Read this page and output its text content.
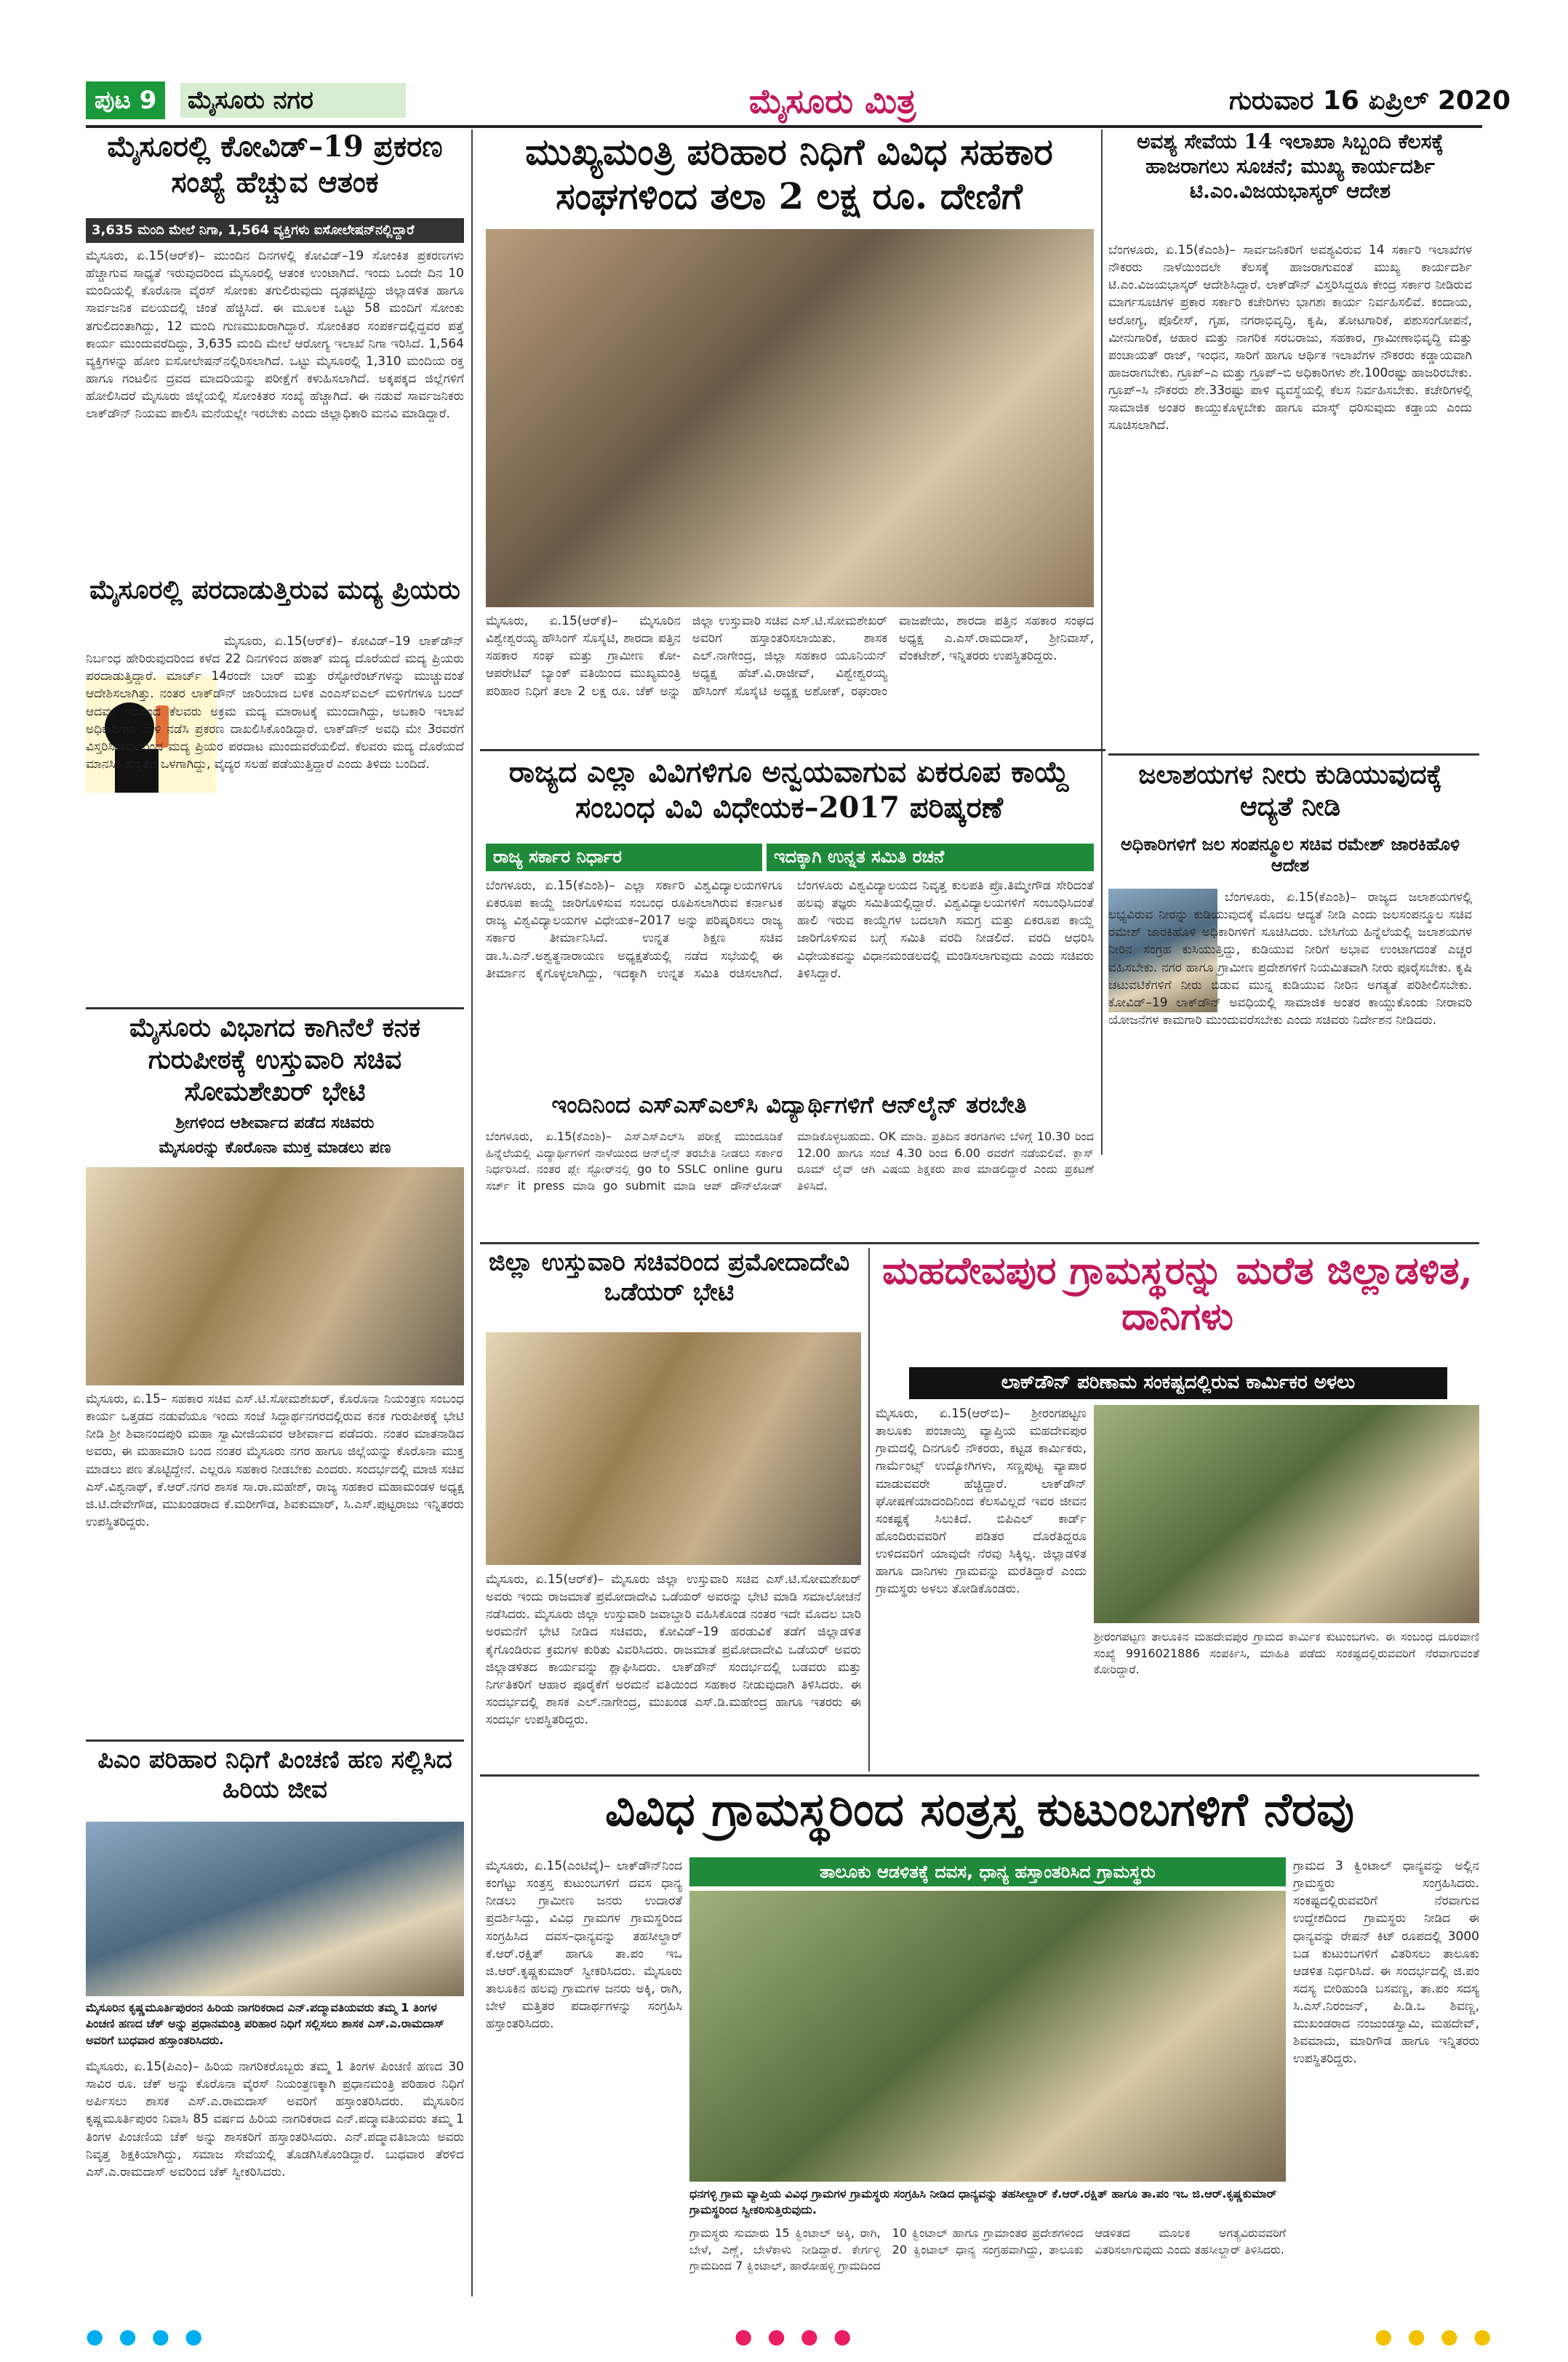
ಪುಟ 9	ಮೈಸೂರು ನಗರ	ಮೈಸೂರು ಮಿತ್ರ	ಗುರುವಾರ 16 ಏಪ್ರಿಲ್ 2020
ಮೈಸೂರಲ್ಲಿ ಕೋವಿಡ್–19 ಪ್ರಕರಣ ಸಂಖ್ಯೆ ಹೆಚ್ಚುವ ಆತಂಕ
3,635 ಮಂದಿ ಮೇಲೆ ನಿಗಾ, 1,564 ವ್ಯಕ್ತಿಗಳು ಐಸೋಲೇಷನ್‌ನಲ್ಲಿದ್ದಾರೆ
ಮೈಸೂರು, ಏ.15(ಆರ್‌ಕೆ)– ಮುಂದಿನ ದಿನಗಳಲ್ಲಿ ಕೋವಿಡ್–19 ಸೋಂಕಿತ ಪ್ರಕರಣಗಳು ಹೆಚ್ಚಾಗುವ ಸಾಧ್ಯತೆ ಇರುವುದರಿಂದ ಮೈಸೂರಲ್ಲಿ ಆತಂಕ ಉಂಟಾಗಿದೆ. ಇಂದು ಒಂದೇ ದಿನ 10 ಮಂದಿಯಲ್ಲಿ ಕೊರೊನಾ ವೈರಸ್ ಸೋಂಕು ತಗುಲಿರುವುದು ದೃಢಪಟ್ಟಿದ್ದು ಜಿಲ್ಲಾಡಳಿತ ಹಾಗೂ ಸಾರ್ವಜನಿಕ ವಲಯದಲ್ಲಿ ಚಿಂತೆ ಹೆಚ್ಚಿಸಿದೆ. ಈ ಮೂಲಕ ಒಟ್ಟು 58 ಮಂದಿಗೆ ಸೋಂಕು ತಗುಲಿದಂತಾಗಿದ್ದು, 12 ಮಂದಿ ಗುಣಮುಖರಾಗಿದ್ದಾರೆ. ಸೋಂಕಿತರ ಸಂಪರ್ಕದಲ್ಲಿದ್ದವರ ಪತ್ತೆ ಕಾರ್ಯ ಮುಂದುವರೆದಿದ್ದು, 3,635 ಮಂದಿ ಮೇಲೆ ಆರೋಗ್ಯ ಇಲಾಖೆ ನಿಗಾ ಇರಿಸಿದೆ. 1,564 ವ್ಯಕ್ತಿಗಳನ್ನು ಹೋಂ ಐಸೋಲೇಷನ್‌ನಲ್ಲಿರಿಸಲಾಗಿದೆ. ಒಟ್ಟು ಮೈಸೂರಲ್ಲಿ 1,310 ಮಂದಿಯ ರಕ್ತ ಹಾಗೂ ಗಂಟಲಿನ ದ್ರವದ ಮಾದರಿಯನ್ನು ಪರೀಕ್ಷೆಗೆ ಕಳುಹಿಸಲಾಗಿದೆ. ಅಕ್ಕಪಕ್ಕದ ಜಿಲ್ಲೆಗಳಿಗೆ ಹೋಲಿಸಿದರೆ ಮೈಸೂರು ಜಿಲ್ಲೆಯಲ್ಲಿ ಸೋಂಕಿತರ ಸಂಖ್ಯೆ ಹೆಚ್ಚಾಗಿದೆ. ಈ ನಡುವೆ ಸಾರ್ವಜನಿಕರು ಲಾಕ್‌ಡೌನ್ ನಿಯಮ ಪಾಲಿಸಿ ಮನೆಯಲ್ಲೇ ಇರಬೇಕು ಎಂದು ಜಿಲ್ಲಾಧಿಕಾರಿ ಮನವಿ ಮಾಡಿದ್ದಾರೆ.
ಮೈಸೂರಲ್ಲಿ ಪರದಾಡುತ್ತಿರುವ ಮದ್ಯ ಪ್ರಿಯರು
ಮೈಸೂರು, ಏ.15(ಆರ್‌ಕೆ)– ಕೋವಿಡ್–19 ಲಾಕ್‌ಡೌನ್ ನಿರ್ಬಂಧ ಹೇರಿರುವುದರಿಂದ ಕಳೆದ 22 ದಿನಗಳಿಂದ ಹಠಾತ್ ಮದ್ಯ ದೊರೆಯದೆ ಮದ್ಯ ಪ್ರಿಯರು ಪರದಾಡುತ್ತಿದ್ದಾರೆ. ಮಾರ್ಚ್ 14ರಂದೇ ಬಾರ್ ಮತ್ತು ರೆಸ್ಟೋರೆಂಟ್‌ಗಳನ್ನು ಮುಚ್ಚುವಂತೆ ಆದೇಶಿಸಲಾಗಿತ್ತು. ನಂತರ ಲಾಕ್‌ಡೌನ್ ಜಾರಿಯಾದ ಬಳಿಕ ಎಂಎಸ್‌ಐಎಲ್ ಮಳಿಗೆಗಳೂ ಬಂದ್ ಆದವು. ಇದರಿಂದ ಕೆಲವರು ಅಕ್ರಮ ಮದ್ಯ ಮಾರಾಟಕ್ಕೆ ಮುಂದಾಗಿದ್ದು, ಅಬಕಾರಿ ಇಲಾಖೆ ಅಧಿಕಾರಿಗಳು ದಾಳಿ ನಡೆಸಿ ಪ್ರಕರಣ ದಾಖಲಿಸಿಕೊಂಡಿದ್ದಾರೆ. ಲಾಕ್‌ಡೌನ್ ಅವಧಿ ಮೇ 3ರವರೆಗೆ ವಿಸ್ತರಿಸಿರುವುದರಿಂದ ಮದ್ಯ ಪ್ರಿಯರ ಪರದಾಟ ಮುಂದುವರೆಯಲಿದೆ. ಕೆಲವರು ಮದ್ಯ ದೊರೆಯದೆ ಮಾನಸಿಕ ಖಿನ್ನತೆಗೆ ಒಳಗಾಗಿದ್ದು, ವೈದ್ಯರ ಸಲಹೆ ಪಡೆಯುತ್ತಿದ್ದಾರೆ ಎಂದು ತಿಳಿದು ಬಂದಿದೆ.
ಮೈಸೂರು ವಿಭಾಗದ ಕಾಗಿನೆಲೆ ಕನಕ ಗುರುಪೀಠಕ್ಕೆ ಉಸ್ತುವಾರಿ ಸಚಿವ ಸೋಮಶೇಖರ್ ಭೇಟಿ
ಶ್ರೀಗಳಿಂದ ಆಶೀರ್ವಾದ ಪಡೆದ ಸಚಿವರು
ಮೈಸೂರನ್ನು ಕೊರೊನಾ ಮುಕ್ತ ಮಾಡಲು ಪಣ
ಮೈಸೂರು, ಏ.15– ಸಹಕಾರ ಸಚಿವ ಎಸ್.ಟಿ.ಸೋಮಶೇಖರ್, ಕೊರೊನಾ ನಿಯಂತ್ರಣ ಸಂಬಂಧ ಕಾರ್ಯ ಒತ್ತಡದ ನಡುವೆಯೂ ಇಂದು ಸಂಜೆ ಸಿದ್ದಾರ್ಥನಗರದಲ್ಲಿರುವ ಕನಕ ಗುರುಪೀಠಕ್ಕೆ ಭೇಟಿ ನೀಡಿ ಶ್ರೀ ಶಿವಾನಂದಪುರಿ ಮಹಾ ಸ್ವಾಮೀಜಿಯವರ ಆಶೀರ್ವಾದ ಪಡೆದರು. ನಂತರ ಮಾತನಾಡಿದ ಅವರು, ಈ ಮಹಾಮಾರಿ ಬಂದ ನಂತರ ಮೈಸೂರು ನಗರ ಹಾಗೂ ಜಿಲ್ಲೆಯನ್ನು ಕೊರೊನಾ ಮುಕ್ತ ಮಾಡಲು ಪಣ ತೊಟ್ಟಿದ್ದೇನೆ. ಎಲ್ಲರೂ ಸಹಕಾರ ನೀಡಬೇಕು ಎಂದರು. ಸಂದರ್ಭದಲ್ಲಿ ಮಾಜಿ ಸಚಿವ ಎಸ್.ವಿಶ್ವನಾಥ್, ಕೆ.ಆರ್.ನಗರ ಶಾಸಕ ಸಾ.ರಾ.ಮಹೇಶ್, ರಾಜ್ಯ ಸಹಕಾರ ಮಹಾಮಂಡಳ ಅಧ್ಯಕ್ಷ ಜಿ.ಟಿ.ದೇವೇಗೌಡ, ಮುಖಂಡರಾದ ಕೆ.ಮರೀಗೌಡ, ಶಿವಕುಮಾರ್, ಸಿ.ಎಸ್.ಪುಟ್ಟರಾಜು ಇನ್ನಿತರರು ಉಪಸ್ಥಿತರಿದ್ದರು.
ಪಿಎಂ ಪರಿಹಾರ ನಿಧಿಗೆ ಪಿಂಚಣಿ ಹಣ ಸಲ್ಲಿಸಿದ ಹಿರಿಯ ಜೀವ
ಮೈಸೂರಿನ ಕೃಷ್ಣಮೂರ್ತಿಪುರಂನ ಹಿರಿಯ ನಾಗರಿಕರಾದ ಎನ್.ಪದ್ಮಾವತಿಯವರು ತಮ್ಮ 1 ತಿಂಗಳ ಪಿಂಚಣಿ ಹಣದ ಚೆಕ್ ಅನ್ನು ಪ್ರಧಾನಮಂತ್ರಿ ಪರಿಹಾರ ನಿಧಿಗೆ ಸಲ್ಲಿಸಲು ಶಾಸಕ ಎಸ್.ಎ.ರಾಮದಾಸ್ ಅವರಿಗೆ ಬುಧವಾರ ಹಸ್ತಾಂತರಿಸಿದರು.
ಮೈಸೂರು, ಏ.15(ಪಿಎಂ)– ಹಿರಿಯ ನಾಗರಿಕರೊಬ್ಬರು ತಮ್ಮ 1 ತಿಂಗಳ ಪಿಂಚಣಿ ಹಣದ 30 ಸಾವಿರ ರೂ. ಚೆಕ್ ಅನ್ನು ಕೊರೊನಾ ವೈರಸ್ ನಿಯಂತ್ರಣಕ್ಕಾಗಿ ಪ್ರಧಾನಮಂತ್ರಿ ಪರಿಹಾರ ನಿಧಿಗೆ ಅರ್ಪಿಸಲು ಶಾಸಕ ಎಸ್.ಎ.ರಾಮದಾಸ್ ಅವರಿಗೆ ಹಸ್ತಾಂತರಿಸಿದರು. ಮೈಸೂರಿನ ಕೃಷ್ಣಮೂರ್ತಿಪುರಂ ನಿವಾಸಿ 85 ವರ್ಷದ ಹಿರಿಯ ನಾಗರಿಕರಾದ ಎನ್.ಪದ್ಮಾವತಿಯವರು ತಮ್ಮ 1 ತಿಂಗಳ ಪಿಂಚಣಿಯ ಚೆಕ್ ಅನ್ನು ಶಾಸಕರಿಗೆ ಹಸ್ತಾಂತರಿಸಿದರು. ಎನ್.ಪದ್ಮಾವತಿಬಾಯಿ ಅವರು ನಿವೃತ್ತ ಶಿಕ್ಷಕಿಯಾಗಿದ್ದು, ಸಮಾಜ ಸೇವೆಯಲ್ಲಿ ತೊಡಗಿಸಿಕೊಂಡಿದ್ದಾರೆ. ಬುಧವಾರ ತೆರಳಿದ ಎಸ್.ಎ.ರಾಮದಾಸ್ ಅವರಿಂದ ಚೆಕ್ ಸ್ವೀಕರಿಸಿದರು.
ಮುಖ್ಯಮಂತ್ರಿ ಪರಿಹಾರ ನಿಧಿಗೆ ವಿವಿಧ ಸಹಕಾರ ಸಂಘಗಳಿಂದ ತಲಾ 2 ಲಕ್ಷ ರೂ. ದೇಣಿಗೆ
ಮೈಸೂರು, ಏ.15(ಆರ್‌ಕೆ)– ಮೈಸೂರಿನ ವಿಶ್ವೇಶ್ವರಯ್ಯ ಹೌಸಿಂಗ್ ಸೊಸೈಟಿ, ಶಾರದಾ ಪತ್ತಿನ ಸಹಕಾರ ಸಂಘ ಮತ್ತು ಗ್ರಾಮೀಣ ಕೋ-ಆಪರೇಟಿವ್ ಬ್ಯಾಂಕ್ ವತಿಯಿಂದ ಮುಖ್ಯಮಂತ್ರಿ ಪರಿಹಾರ ನಿಧಿಗೆ ತಲಾ 2 ಲಕ್ಷ ರೂ. ಚೆಕ್ ಅನ್ನು ಜಿಲ್ಲಾ ಉಸ್ತುವಾರಿ ಸಚಿವ ಎಸ್.ಟಿ.ಸೋಮಶೇಖರ್ ಅವರಿಗೆ ಹಸ್ತಾಂತರಿಸಲಾಯಿತು. ಶಾಸಕ ಎಲ್.ನಾಗೇಂದ್ರ, ಜಿಲ್ಲಾ ಸಹಕಾರ ಯೂನಿಯನ್ ಅಧ್ಯಕ್ಷ ಹೆಚ್.ವಿ.ರಾಜೀವ್, ವಿಶ್ವೇಶ್ವರಯ್ಯ ಹೌಸಿಂಗ್ ಸೊಸೈಟಿ ಅಧ್ಯಕ್ಷ ಅಶೋಕ್, ರಘುರಾಂ ವಾಜಪೇಯಿ, ಶಾರದಾ ಪತ್ತಿನ ಸಹಕಾರ ಸಂಘದ ಅಧ್ಯಕ್ಷ ಎ.ಎಸ್.ರಾಮದಾಸ್, ಶ್ರೀನಿವಾಸ್, ವೆಂಕಟೇಶ್, ಇನ್ನಿತರರು ಉಪಸ್ಥಿತರಿದ್ದರು.
ಅವಶ್ಯ ಸೇವೆಯ 14 ಇಲಾಖಾ ಸಿಬ್ಬಂದಿ ಕೆಲಸಕ್ಕೆ ಹಾಜರಾಗಲು ಸೂಚನೆ; ಮುಖ್ಯ ಕಾರ್ಯದರ್ಶಿ ಟಿ.ಎಂ.ವಿಜಯಭಾಸ್ಕರ್ ಆದೇಶ
ಬೆಂಗಳೂರು, ಏ.15(ಕೆಎಂಶಿ)– ಸಾರ್ವಜನಿಕರಿಗೆ ಅವಶ್ಯವಿರುವ 14 ಸರ್ಕಾರಿ ಇಲಾಖೆಗಳ ನೌಕರರು ನಾಳೆಯಿಂದಲೇ ಕೆಲಸಕ್ಕೆ ಹಾಜರಾಗುವಂತೆ ಮುಖ್ಯ ಕಾರ್ಯದರ್ಶಿ ಟಿ.ಎಂ.ವಿಜಯಭಾಸ್ಕರ್ ಆದೇಶಿಸಿದ್ದಾರೆ. ಲಾಕ್‌ಡೌನ್ ವಿಸ್ತರಿಸಿದ್ದರೂ ಕೇಂದ್ರ ಸರ್ಕಾರ ನೀಡಿರುವ ಮಾರ್ಗಸೂಚಿಗಳ ಪ್ರಕಾರ ಸರ್ಕಾರಿ ಕಚೇರಿಗಳು ಭಾಗಶಃ ಕಾರ್ಯ ನಿರ್ವಹಿಸಲಿವೆ. ಕಂದಾಯ, ಆರೋಗ್ಯ, ಪೊಲೀಸ್, ಗೃಹ, ನಗರಾಭಿವೃದ್ಧಿ, ಕೃಷಿ, ತೋಟಗಾರಿಕೆ, ಪಶುಸಂಗೋಪನೆ, ಮೀನುಗಾರಿಕೆ, ಆಹಾರ ಮತ್ತು ನಾಗರಿಕ ಸರಬರಾಜು, ಸಹಕಾರ, ಗ್ರಾಮೀಣಾಭಿವೃದ್ಧಿ ಮತ್ತು ಪಂಚಾಯತ್ ರಾಜ್, ಇಂಧನ, ಸಾರಿಗೆ ಹಾಗೂ ಆರ್ಥಿಕ ಇಲಾಖೆಗಳ ನೌಕರರು ಕಡ್ಡಾಯವಾಗಿ ಹಾಜರಾಗಬೇಕು. ಗ್ರೂಪ್–ಎ ಮತ್ತು ಗ್ರೂಪ್–ಬಿ ಅಧಿಕಾರಿಗಳು ಶೇ.100ರಷ್ಟು ಹಾಜರಿರಬೇಕು. ಗ್ರೂಪ್–ಸಿ ನೌಕರರು ಶೇ.33ರಷ್ಟು ಪಾಳಿ ವ್ಯವಸ್ಥೆಯಲ್ಲಿ ಕೆಲಸ ನಿರ್ವಹಿಸಬೇಕು. ಕಚೇರಿಗಳಲ್ಲಿ ಸಾಮಾಜಿಕ ಅಂತರ ಕಾಯ್ದುಕೊಳ್ಳಬೇಕು ಹಾಗೂ ಮಾಸ್ಕ್ ಧರಿಸುವುದು ಕಡ್ಡಾಯ ಎಂದು ಸೂಚಿಸಲಾಗಿದೆ.
ರಾಜ್ಯದ ಎಲ್ಲಾ ವಿವಿಗಳಿಗೂ ಅನ್ವಯವಾಗುವ ಏಕರೂಪ ಕಾಯ್ದೆ ಸಂಬಂಧ ವಿವಿ ವಿಧೇಯಕ–2017 ಪರಿಷ್ಕರಣೆ
ರಾಜ್ಯ ಸರ್ಕಾರ ನಿರ್ಧಾರ	ಇದಕ್ಕಾಗಿ ಉನ್ನತ ಸಮಿತಿ ರಚನೆ
ಬೆಂಗಳೂರು, ಏ.15(ಕೆಎಂಶಿ)– ಎಲ್ಲಾ ಸರ್ಕಾರಿ ವಿಶ್ವವಿದ್ಯಾಲಯಗಳಿಗೂ ಏಕರೂಪ ಕಾಯ್ದೆ ಜಾರಿಗೊಳಿಸುವ ಸಂಬಂಧ ರೂಪಿಸಲಾಗಿರುವ ಕರ್ನಾಟಕ ರಾಜ್ಯ ವಿಶ್ವವಿದ್ಯಾಲಯಗಳ ವಿಧೇಯಕ–2017 ಅನ್ನು ಪರಿಷ್ಕರಿಸಲು ರಾಜ್ಯ ಸರ್ಕಾರ ತೀರ್ಮಾನಿಸಿದೆ. ಉನ್ನತ ಶಿಕ್ಷಣ ಸಚಿವ ಡಾ.ಸಿ.ಎನ್.ಅಶ್ವತ್ಥನಾರಾಯಣ ಅಧ್ಯಕ್ಷತೆಯಲ್ಲಿ ನಡೆದ ಸಭೆಯಲ್ಲಿ ಈ ತೀರ್ಮಾನ ಕೈಗೊಳ್ಳಲಾಗಿದ್ದು, ಇದಕ್ಕಾಗಿ ಉನ್ನತ ಸಮಿತಿ ರಚಿಸಲಾಗಿದೆ. ಬೆಂಗಳೂರು ವಿಶ್ವವಿದ್ಯಾಲಯದ ನಿವೃತ್ತ ಕುಲಪತಿ ಪ್ರೊ.ತಿಮ್ಮೇಗೌಡ ಸೇರಿದಂತೆ ಹಲವು ತಜ್ಞರು ಸಮಿತಿಯಲ್ಲಿದ್ದಾರೆ. ವಿಶ್ವವಿದ್ಯಾಲಯಗಳಿಗೆ ಸಂಬಂಧಿಸಿದಂತೆ ಹಾಲಿ ಇರುವ ಕಾಯ್ದೆಗಳ ಬದಲಾಗಿ ಸಮಗ್ರ ಮತ್ತು ಏಕರೂಪ ಕಾಯ್ದೆ ಜಾರಿಗೊಳಿಸುವ ಬಗ್ಗೆ ಸಮಿತಿ ವರದಿ ನೀಡಲಿದೆ. ವರದಿ ಆಧರಿಸಿ ವಿಧೇಯಕವನ್ನು ವಿಧಾನಮಂಡಲದಲ್ಲಿ ಮಂಡಿಸಲಾಗುವುದು ಎಂದು ಸಚಿವರು ತಿಳಿಸಿದ್ದಾರೆ.
ಇಂದಿನಿಂದ ಎಸ್‌ಎಸ್‌ಎಲ್‌ಸಿ ವಿದ್ಯಾರ್ಥಿಗಳಿಗೆ ಆನ್‌ಲೈನ್ ತರಬೇತಿ
ಬೆಂಗಳೂರು, ಏ.15(ಕೆಎಂಶಿ)– ಎಸ್‌ಎಸ್‌ಎಲ್‌ಸಿ ಪರೀಕ್ಷೆ ಮುಂದೂಡಿಕೆ ಹಿನ್ನೆಲೆಯಲ್ಲಿ ವಿದ್ಯಾರ್ಥಿಗಳಿಗೆ ನಾಳೆಯಿಂದ ಆನ್‌ಲೈನ್ ತರಬೇತಿ ನೀಡಲು ಸರ್ಕಾರ ನಿರ್ಧರಿಸಿದೆ. ನಂತರ ಪ್ಲೇ ಸ್ಟೋರ್‌ನಲ್ಲಿ go to SSLC online guru ಸರ್ಚ್ it press ಮಾಡಿ go submit ಮಾಡಿ ಆಪ್‌ ಡೌನ್‌ಲೋಡ್ ಮಾಡಿಕೊಳ್ಳಬಹುದು. OK ಮಾಡಿ. ಪ್ರತಿದಿನ ತರಗತಿಗಳು ಬೆಳಿಗ್ಗೆ 10.30 ರಿಂದ 12.00 ಹಾಗೂ ಸಂಜೆ 4.30 ರಿಂದ 6.00 ರವರೆಗೆ ನಡೆಯಲಿವೆ. ಕ್ಲಾಸ್ ರೂಮ್ ಲೈವ್ ಆಗಿ ವಿಷಯ ಶಿಕ್ಷಕರು ಪಾಠ ಮಾಡಲಿದ್ದಾರೆ ಎಂದು ಪ್ರಕಟಣೆ ತಿಳಿಸಿದೆ.
ಜಲಾಶಯಗಳ ನೀರು ಕುಡಿಯುವುದಕ್ಕೆ ಆದ್ಯತೆ ನೀಡಿ
ಅಧಿಕಾರಿಗಳಿಗೆ ಜಲ ಸಂಪನ್ಮೂಲ ಸಚಿವ ರಮೇಶ್ ಜಾರಕಿಹೊಳಿ ಆದೇಶ
ಬೆಂಗಳೂರು, ಏ.15(ಕೆಎಂಶಿ)– ರಾಜ್ಯದ ಜಲಾಶಯಗಳಲ್ಲಿ ಲಭ್ಯವಿರುವ ನೀರನ್ನು ಕುಡಿಯುವುದಕ್ಕೆ ಮೊದಲ ಆದ್ಯತೆ ನೀಡಿ ಎಂದು ಜಲಸಂಪನ್ಮೂಲ ಸಚಿವ ರಮೇಶ್ ಜಾರಕಿಹೊಳಿ ಅಧಿಕಾರಿಗಳಿಗೆ ಸೂಚಿಸಿದರು. ಬೇಸಿಗೆಯ ಹಿನ್ನೆಲೆಯಲ್ಲಿ ಜಲಾಶಯಗಳ ನೀರಿನ ಸಂಗ್ರಹ ಕುಸಿಯುತ್ತಿದ್ದು, ಕುಡಿಯುವ ನೀರಿಗೆ ಅಭಾವ ಉಂಟಾಗದಂತೆ ಎಚ್ಚರ ವಹಿಸಬೇಕು. ನಗರ ಹಾಗೂ ಗ್ರಾಮೀಣ ಪ್ರದೇಶಗಳಿಗೆ ನಿಯಮಿತವಾಗಿ ನೀರು ಪೂರೈಸಬೇಕು. ಕೃಷಿ ಚಟುವಟಿಕೆಗಳಿಗೆ ನೀರು ಬಿಡುವ ಮುನ್ನ ಕುಡಿಯುವ ನೀರಿನ ಅಗತ್ಯತೆ ಪರಿಶೀಲಿಸಬೇಕು. ಕೋವಿಡ್–19 ಲಾಕ್‌ಡೌನ್ ಅವಧಿಯಲ್ಲಿ ಸಾಮಾಜಿಕ ಅಂತರ ಕಾಯ್ದುಕೊಂಡು ನೀರಾವರಿ ಯೋಜನೆಗಳ ಕಾಮಗಾರಿ ಮುಂದುವರೆಸಬೇಕು ಎಂದು ಸಚಿವರು ನಿರ್ದೇಶನ ನೀಡಿದರು.
ಜಿಲ್ಲಾ ಉಸ್ತುವಾರಿ ಸಚಿವರಿಂದ ಪ್ರಮೋದಾದೇವಿ ಒಡೆಯರ್ ಭೇಟಿ
ಮೈಸೂರು, ಏ.15(ಆರ್‌ಕೆ)– ಮೈಸೂರು ಜಿಲ್ಲಾ ಉಸ್ತುವಾರಿ ಸಚಿವ ಎಸ್.ಟಿ.ಸೋಮಶೇಖರ್ ಅವರು ಇಂದು ರಾಜಮಾತೆ ಪ್ರಮೋದಾದೇವಿ ಒಡೆಯರ್ ಅವರನ್ನು ಭೇಟಿ ಮಾಡಿ ಸಮಾಲೋಚನೆ ನಡೆಸಿದರು. ಮೈಸೂರು ಜಿಲ್ಲಾ ಉಸ್ತುವಾರಿ ಜವಾಬ್ದಾರಿ ವಹಿಸಿಕೊಂಡ ನಂತರ ಇದೇ ಮೊದಲ ಬಾರಿ ಅರಮನೆಗೆ ಭೇಟಿ ನೀಡಿದ ಸಚಿವರು, ಕೋವಿಡ್–19 ಹರಡುವಿಕೆ ತಡೆಗೆ ಜಿಲ್ಲಾಡಳಿತ ಕೈಗೊಂಡಿರುವ ಕ್ರಮಗಳ ಕುರಿತು ವಿವರಿಸಿದರು. ರಾಜಮಾತೆ ಪ್ರಮೋದಾದೇವಿ ಒಡೆಯರ್ ಅವರು ಜಿಲ್ಲಾಡಳಿತದ ಕಾರ್ಯವನ್ನು ಶ್ಲಾಘಿಸಿದರು. ಲಾಕ್‌ಡೌನ್ ಸಂದರ್ಭದಲ್ಲಿ ಬಡವರು ಮತ್ತು ನಿರ್ಗತಿಕರಿಗೆ ಆಹಾರ ಪೂರೈಕೆಗೆ ಅರಮನೆ ವತಿಯಿಂದ ಸಹಕಾರ ನೀಡುವುದಾಗಿ ತಿಳಿಸಿದರು. ಈ ಸಂದರ್ಭದಲ್ಲಿ ಶಾಸಕ ಎಲ್.ನಾಗೇಂದ್ರ, ಮುಖಂಡ ಎಸ್.ಡಿ.ಮಹೇಂದ್ರ ಹಾಗೂ ಇತರರು ಈ ಸಂದರ್ಭ ಉಪಸ್ಥಿತರಿದ್ದರು.
ಮಹದೇವಪುರ ಗ್ರಾಮಸ್ಥರನ್ನು ಮರೆತ ಜಿಲ್ಲಾಡಳಿತ, ದಾನಿಗಳು
ಲಾಕ್‌ಡೌನ್ ಪರಿಣಾಮ ಸಂಕಷ್ಟದಲ್ಲಿರುವ ಕಾರ್ಮಿಕರ ಅಳಲು
ಮೈಸೂರು, ಏ.15(ಆರ್‌ಬಿ)– ಶ್ರೀರಂಗಪಟ್ಟಣ ತಾಲೂಕು ಪಂಚಾಯ್ತಿ ವ್ಯಾಪ್ತಿಯ ಮಹದೇವಪುರ ಗ್ರಾಮದಲ್ಲಿ ದಿನಗೂಲಿ ನೌಕರರು, ಕಟ್ಟಡ ಕಾರ್ಮಿಕರು, ಗಾರ್ಮೆಂಟ್ಸ್ ಉದ್ಯೋಗಿಗಳು, ಸಣ್ಣಪುಟ್ಟ ವ್ಯಾಪಾರ ಮಾಡುವವರೇ ಹೆಚ್ಚಿದ್ದಾರೆ. ಲಾಕ್‌ಡೌನ್ ಘೋಷಣೆಯಾದಂದಿನಿಂದ ಕೆಲಸವಿಲ್ಲದೆ ಇವರ ಜೀವನ ಸಂಕಷ್ಟಕ್ಕೆ ಸಿಲುಕಿದೆ. ಬಿಪಿಎಲ್ ಕಾರ್ಡ್ ಹೊಂದಿರುವವರಿಗೆ ಪಡಿತರ ದೊರೆತಿದ್ದರೂ ಉಳಿದವರಿಗೆ ಯಾವುದೇ ನೆರವು ಸಿಕ್ಕಿಲ್ಲ. ಜಿಲ್ಲಾಡಳಿತ ಹಾಗೂ ದಾನಿಗಳು ಗ್ರಾಮವನ್ನು ಮರೆತಿದ್ದಾರೆ ಎಂದು ಗ್ರಾಮಸ್ಥರು ಅಳಲು ತೋಡಿಕೊಂಡರು.
ಶ್ರೀರಂಗಪಟ್ಟಣ ತಾಲೂಕಿನ ಮಹದೇವಪುರ ಗ್ರಾಮದ ಕಾರ್ಮಿಕ ಕುಟುಂಬಗಳು. ಈ ಸಂಬಂಧ ದೂರವಾಣಿ ಸಂಖ್ಯೆ 9916021886 ಸಂಪರ್ಕಿಸಿ, ಮಾಹಿತಿ ಪಡೆದು ಸಂಕಷ್ಟದಲ್ಲಿರುವವರಿಗೆ ನೆರವಾಗುವಂತೆ ಕೋರಿದ್ದಾರೆ.
ವಿವಿಧ ಗ್ರಾಮಸ್ಥರಿಂದ ಸಂತ್ರಸ್ತ ಕುಟುಂಬಗಳಿಗೆ ನೆರವು
ಮೈಸೂರು, ಏ.15(ಎಂಟಿವೈ)– ಲಾಕ್‌ಡೌನ್‌ನಿಂದ ಕಂಗೆಟ್ಟು ಸಂತ್ರಸ್ತ ಕುಟುಂಬಗಳಿಗೆ ದವಸ ಧಾನ್ಯ ನೀಡಲು ಗ್ರಾಮೀಣ ಜನರು ಉದಾರತೆ ಪ್ರದರ್ಶಿಸಿದ್ದು, ವಿವಿಧ ಗ್ರಾಮಗಳ ಗ್ರಾಮಸ್ಥರಿಂದ ಸಂಗ್ರಹಿಸಿದ ದವಸ–ಧಾನ್ಯವನ್ನು ತಹಸೀಲ್ದಾರ್ ಕೆ.ಆರ್.ರಕ್ಷಿತ್ ಹಾಗೂ ತಾ.ಪಂ ಇಒ ಜಿ.ಆರ್.ಕೃಷ್ಣಕುಮಾರ್ ಸ್ವೀಕರಿಸಿದರು. ಮೈಸೂರು ತಾಲೂಕಿನ ಹಲವು ಗ್ರಾಮಗಳ ಜನರು ಅಕ್ಕಿ, ರಾಗಿ, ಬೇಳೆ ಮತ್ತಿತರ ಪದಾರ್ಥಗಳನ್ನು ಸಂಗ್ರಹಿಸಿ ಹಸ್ತಾಂತರಿಸಿದರು.
ತಾಲೂಕು ಆಡಳಿತಕ್ಕೆ ದವಸ, ಧಾನ್ಯ ಹಸ್ತಾಂತರಿಸಿದ ಗ್ರಾಮಸ್ಥರು
ಧನಗಳ್ಳಿ ಗ್ರಾಮ ವ್ಯಾಪ್ತಿಯ ವಿವಿಧ ಗ್ರಾಮಗಳ ಗ್ರಾಮಸ್ಥರು ಸಂಗ್ರಹಿಸಿ ನೀಡಿದ ಧಾನ್ಯವನ್ನು ತಹಸೀಲ್ದಾರ್ ಕೆ.ಆರ್.ರಕ್ಷಿತ್ ಹಾಗೂ ತಾ.ಪಂ ಇಒ ಜಿ.ಆರ್.ಕೃಷ್ಣಕುಮಾರ್ ಗ್ರಾಮಸ್ಥರಿಂದ ಸ್ವೀಕರಿಸುತ್ತಿರುವುದು.
ಗ್ರಾಮಸ್ಥರು ಸುಮಾರು 15 ಕ್ವಿಂಟಾಲ್ ಅಕ್ಕಿ, ರಾಗಿ, ಬೇಳೆ, ಎಣ್ಣೆ, ಬೇಳೆಕಾಳು ನೀಡಿದ್ದಾರೆ. ಕೇರ್ಗಳ್ಳಿ ಗ್ರಾಮದಿಂದ 7 ಕ್ವಿಂಟಾಲ್, ಹಾರೋಹಳ್ಳಿ ಗ್ರಾಮದಿಂದ 10 ಕ್ವಿಂಟಾಲ್ ಹಾಗೂ ಗ್ರಾಮಾಂತರ ಪ್ರದೇಶಗಳಿಂದ 20 ಕ್ವಿಂಟಾಲ್ ಧಾನ್ಯ ಸಂಗ್ರಹವಾಗಿದ್ದು, ತಾಲೂಕು ಆಡಳಿತದ ಮೂಲಕ ಅಗತ್ಯವಿರುವವರಿಗೆ ವಿತರಿಸಲಾಗುವುದು ಎಂದು ತಹಸೀಲ್ದಾರ್ ತಿಳಿಸಿದರು.
ಗ್ರಾಮದ 3 ಕ್ವಿಂಟಾಲ್ ಧಾನ್ಯವನ್ನು ಅಲ್ಲಿನ ಗ್ರಾಮಸ್ಥರು ಸಂಗ್ರಹಿಸಿದರು. ಸಂಕಷ್ಟದಲ್ಲಿರುವವರಿಗೆ ನೆರವಾಗುವ ಉದ್ದೇಶದಿಂದ ಗ್ರಾಮಸ್ಥರು ನೀಡಿದ ಈ ಧಾನ್ಯವನ್ನು ರೇಷನ್ ಕಿಟ್ ರೂಪದಲ್ಲಿ 3000 ಬಡ ಕುಟುಂಬಗಳಿಗೆ ವಿತರಿಸಲು ತಾಲೂಕು ಆಡಳಿತ ನಿರ್ಧರಿಸಿದೆ. ಈ ಸಂದರ್ಭದಲ್ಲಿ ಜಿ.ಪಂ ಸದಸ್ಯ ಬೀರಿಹುಂಡಿ ಬಸವಣ್ಣ, ತಾ.ಪಂ ಸದಸ್ಯ ಸಿ.ಎಸ್.ನಿರಂಜನ್, ಪಿ.ಡಿ.ಒ ಶಿವಣ್ಣ, ಮುಖಂಡರಾದ ನಂಜುಂಡಸ್ವಾಮಿ, ಮಹದೇವ್, ಶಿವಮಾದು, ಮಾರಿಗೌಡ ಹಾಗೂ ಇನ್ನಿತರರು ಉಪಸ್ಥಿತರಿದ್ದರು.
● ● ● ●	● ● ● ●	● ● ● ●
